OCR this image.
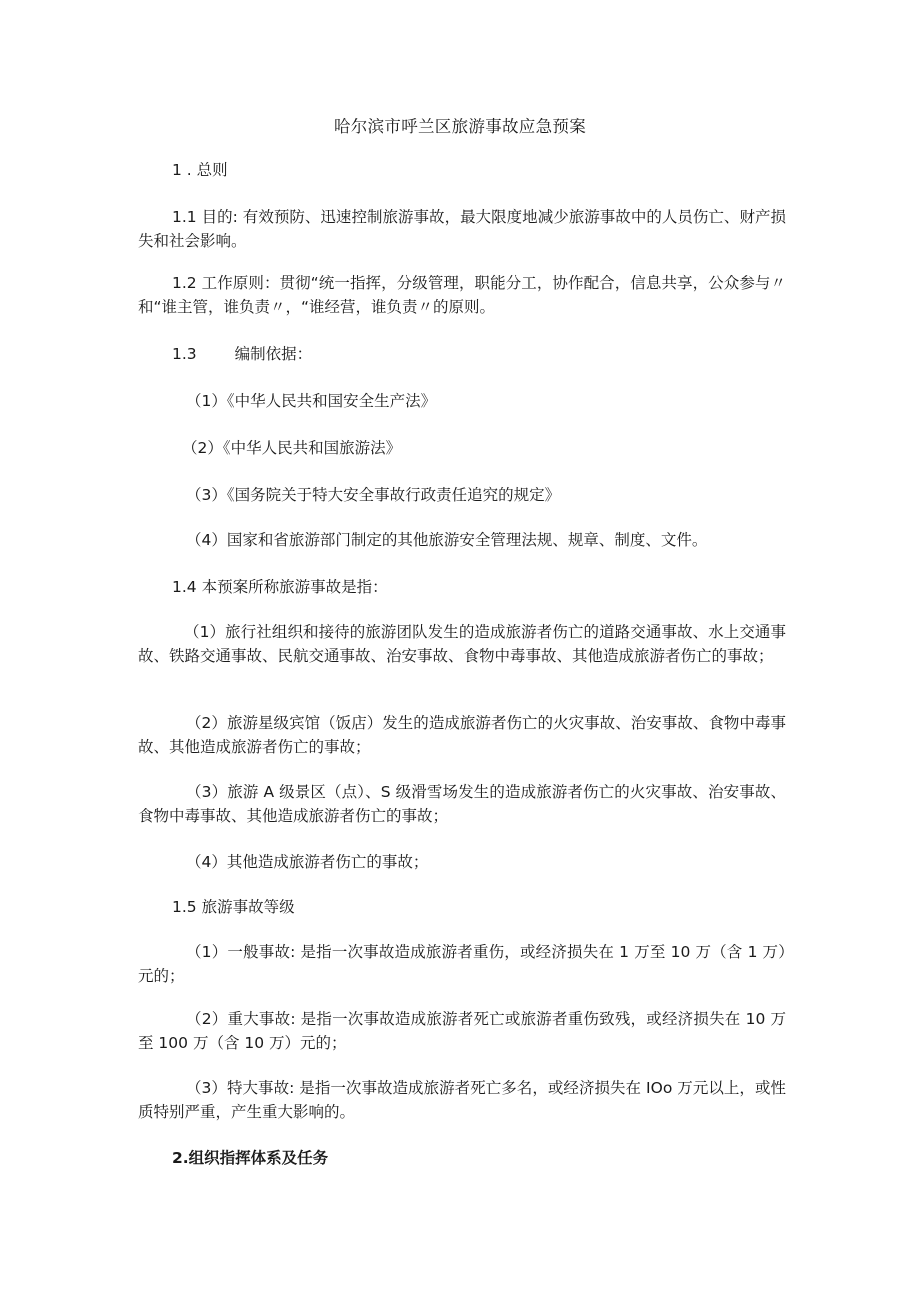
哈尔滨市呼兰区旅游事故应急预案
1 . 总则
1.1 目的: 有效预防、迅速控制旅游事故，最大限度地减少旅游事故中的人员伤亡、财产损失和社会影响。
1.2 工作原则：贯彻“统一指挥，分级管理，职能分工，协作配合，信息共享，公众参与〃和“谁主管，谁负责〃，“谁经营，谁负责〃的原则。
1.3 编制依据：
（1）《中华人民共和国安全生产法》
（2）《中华人民共和国旅游法》
（3）《国务院关于特大安全事故行政责任追究的规定》
（4）国家和省旅游部门制定的其他旅游安全管理法规、规章、制度、文件。
1.4 本预案所称旅游事故是指：
（1）旅行社组织和接待的旅游团队发生的造成旅游者伤亡的道路交通事故、水上交通事故、铁路交通事故、民航交通事故、治安事故、食物中毒事故、其他造成旅游者伤亡的事故；
（2）旅游星级宾馆（饭店）发生的造成旅游者伤亡的火灾事故、治安事故、食物中毒事故、其他造成旅游者伤亡的事故；
（3）旅游 A 级景区（点）、S 级滑雪场发生的造成旅游者伤亡的火灾事故、治安事故、食物中毒事故、其他造成旅游者伤亡的事故；
（4）其他造成旅游者伤亡的事故；
1.5 旅游事故等级
（1）一般事故: 是指一次事故造成旅游者重伤，或经济损失在 1 万至 10 万（含 1 万）元的；
（2）重大事故: 是指一次事故造成旅游者死亡或旅游者重伤致残，或经济损失在 10 万至 100 万（含 10 万）元的；
（3）特大事故: 是指一次事故造成旅游者死亡多名，或经济损失在 IOo 万元以上，或性质特别严重，产生重大影响的。
2.组织指挥体系及任务
